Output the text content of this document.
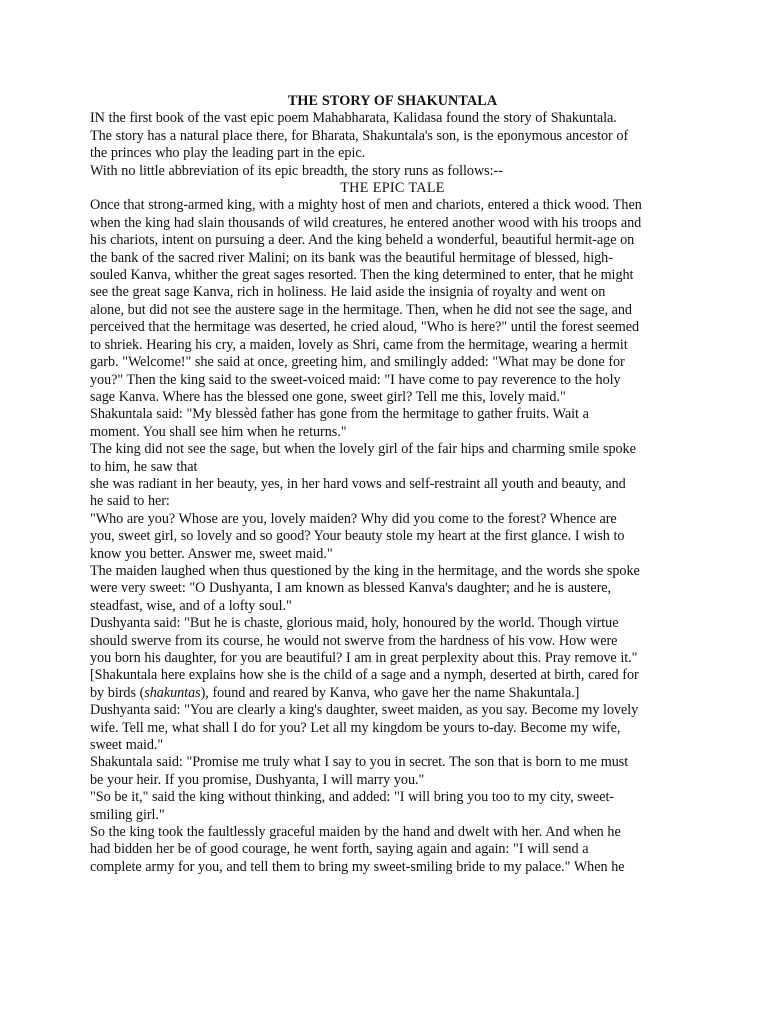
THE STORY OF SHAKUNTALA
IN the first book of the vast epic poem Mahabharata, Kalidasa found the story of Shakuntala.
The story has a natural place there, for Bharata, Shakuntala's son, is the eponymous ancestor of
the princes who play the leading part in the epic.
With no little abbreviation of its epic breadth, the story runs as follows:--
THE EPIC TALE
Once that strong-armed king, with a mighty host of men and chariots, entered a thick wood. Then
when the king had slain thousands of wild creatures, he entered another wood with his troops and
his chariots, intent on pursuing a deer. And the king beheld a wonderful, beautiful hermit-age on
the bank of the sacred river Malini; on its bank was the beautiful hermitage of blessed, high-
souled Kanva, whither the great sages resorted. Then the king determined to enter, that he might
see the great sage Kanva, rich in holiness. He laid aside the insignia of royalty and went on
alone, but did not see the austere sage in the hermitage. Then, when he did not see the sage, and
perceived that the hermitage was deserted, he cried aloud, "Who is here?" until the forest seemed
to shriek. Hearing his cry, a maiden, lovely as Shri, came from the hermitage, wearing a hermit
garb. "Welcome!" she said at once, greeting him, and smilingly added: "What may be done for
you?" Then the king said to the sweet-voiced maid: "I have come to pay reverence to the holy
sage Kanva. Where has the blessed one gone, sweet girl? Tell me this, lovely maid."
Shakuntala said: "My blessèd father has gone from the hermitage to gather fruits. Wait a
moment. You shall see him when he returns."
The king did not see the sage, but when the lovely girl of the fair hips and charming smile spoke
to him, he saw that
she was radiant in her beauty, yes, in her hard vows and self-restraint all youth and beauty, and
he said to her:
"Who are you? Whose are you, lovely maiden? Why did you come to the forest? Whence are
you, sweet girl, so lovely and so good? Your beauty stole my heart at the first glance. I wish to
know you better. Answer me, sweet maid."
The maiden laughed when thus questioned by the king in the hermitage, and the words she spoke
were very sweet: "O Dushyanta, I am known as blessed Kanva's daughter; and he is austere,
steadfast, wise, and of a lofty soul."
Dushyanta said: "But he is chaste, glorious maid, holy, honoured by the world. Though virtue
should swerve from its course, he would not swerve from the hardness of his vow. How were
you born his daughter, for you are beautiful? I am in great perplexity about this. Pray remove it."
[Shakuntala here explains how she is the child of a sage and a nymph, deserted at birth, cared for
by birds (shakuntas), found and reared by Kanva, who gave her the name Shakuntala.]
Dushyanta said: "You are clearly a king's daughter, sweet maiden, as you say. Become my lovely
wife. Tell me, what shall I do for you? Let all my kingdom be yours to-day. Become my wife,
sweet maid."
Shakuntala said: "Promise me truly what I say to you in secret. The son that is born to me must
be your heir. If you promise, Dushyanta, I will marry you."
"So be it," said the king without thinking, and added: "I will bring you too to my city, sweet-
smiling girl."
So the king took the faultlessly graceful maiden by the hand and dwelt with her. And when he
had bidden her be of good courage, he went forth, saying again and again: "I will send a
complete army for you, and tell them to bring my sweet-smiling bride to my palace." When he
